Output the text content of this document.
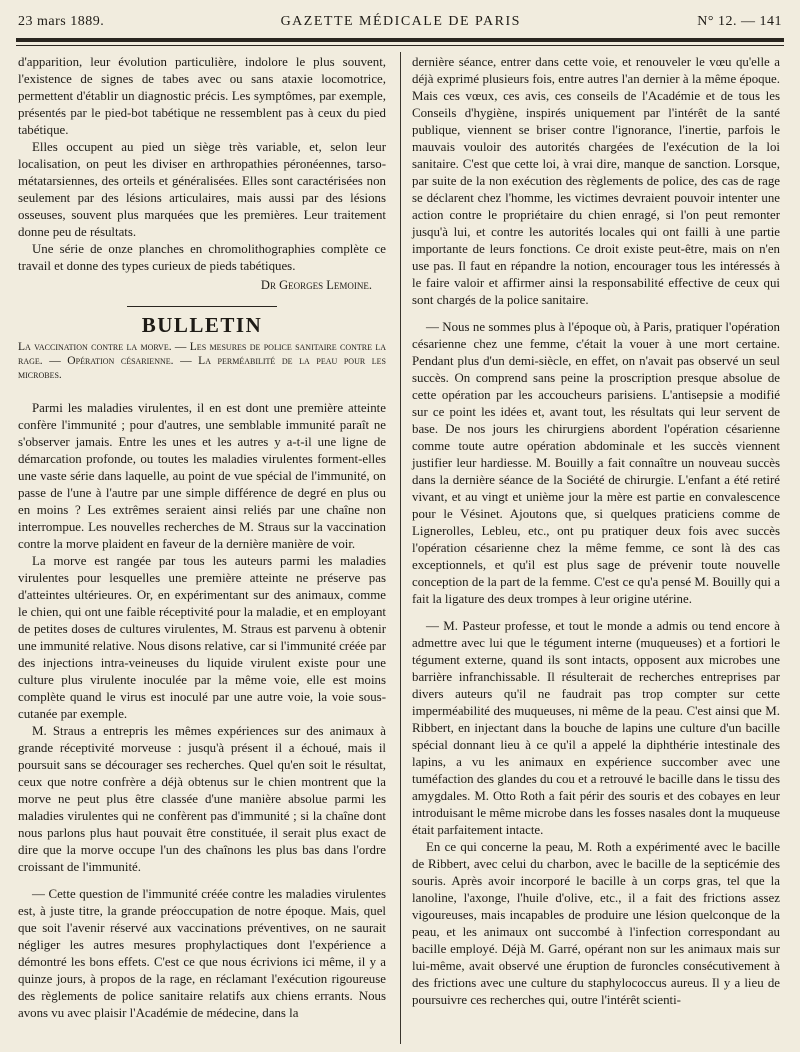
23 mars 1889.	GAZETTE MÉDICALE DE PARIS	N° 12. — 141

d'apparition, leur évolution particulière, indolore le plus souvent, l'existence de signes de tabes avec ou sans ataxie locomotrice, permettent d'établir un diagnostic précis. Les symptômes, par exemple, présentés par le pied-bot tabétique ne ressemblent pas à ceux du pied tabétique.

Elles occupent au pied un siège très variable, et, selon leur localisation, on peut les diviser en arthropathies péronéennes, tarso-métatarsiennes, des orteils et généralisées. Elles sont caractérisées non seulement par des lésions articulaires, mais aussi par des lésions osseuses, souvent plus marquées que les premières. Leur traitement donne peu de résultats.

Une série de onze planches en chromolithographies complète ce travail et donne des types curieux de pieds tabétiques.

Dr Georges Lemoine.
BULLETIN

La vaccination contre la morve. — Les mesures de police sanitaire contre la rage. — Opération césarienne. — La perméabilité de la peau pour les microbes.

Parmi les maladies virulentes, il en est dont une première atteinte confère l'immunité ; pour d'autres, une semblable immunité paraît ne s'observer jamais. Entre les unes et les autres y a-t-il une ligne de démarcation profonde, ou toutes les maladies virulentes forment-elles une vaste série dans laquelle, au point de vue spécial de l'immunité, on passe de l'une à l'autre par une simple différence de degré en plus ou en moins ? Les extrêmes seraient ainsi reliés par une chaîne non interrompue. Les nouvelles recherches de M. Straus sur la vaccination contre la morve plaident en faveur de la dernière manière de voir.

La morve est rangée par tous les auteurs parmi les maladies virulentes pour lesquelles une première atteinte ne préserve pas d'atteintes ultérieures. Or, en expérimentant sur des animaux, comme le chien, qui ont une faible réceptivité pour la maladie, et en employant de petites doses de cultures virulentes, M. Straus est parvenu à obtenir une immunité relative. Nous disons relative, car si l'immunité créée par des injections intra-veineuses du liquide virulent existe pour une culture plus virulente inoculée par la même voie, elle est moins complète quand le virus est inoculé par une autre voie, la voie sous-cutanée par exemple.

M. Straus a entrepris les mêmes expériences sur des animaux à grande réceptivité morveuse : jusqu'à présent il a échoué, mais il poursuit sans se décourager ses recherches. Quel qu'en soit le résultat, ceux que notre confrère a déjà obtenus sur le chien montrent que la morve ne peut plus être classée d'une manière absolue parmi les maladies virulentes qui ne confèrent pas d'immunité ; si la chaîne dont nous parlons plus haut pouvait être constituée, il serait plus exact de dire que la morve occupe l'un des chaînons les plus bas dans l'ordre croissant de l'immunité.

— Cette question de l'immunité créée contre les maladies virulentes est, à juste titre, la grande préoccupation de notre époque. Mais, quel que soit l'avenir réservé aux vaccinations préventives, on ne saurait négliger les autres mesures prophylactiques dont l'expérience a démontré les bons effets. C'est ce que nous écrivions ici même, il y a quinze jours, à propos de la rage, en réclamant l'exécution rigoureuse des règlements de police sanitaire relatifs aux chiens errants. Nous avons vu avec plaisir l'Académie de médecine, dans la

dernière séance, entrer dans cette voie, et renouveler le vœu qu'elle a déjà exprimé plusieurs fois, entre autres l'an dernier à la même époque. Mais ces vœux, ces avis, ces conseils de l'Académie et de tous les Conseils d'hygiène, inspirés uniquement par l'intérêt de la santé publique, viennent se briser contre l'ignorance, l'inertie, parfois le mauvais vouloir des autorités chargées de l'exécution de la loi sanitaire. C'est que cette loi, à vrai dire, manque de sanction. Lorsque, par suite de la non exécution des règlements de police, des cas de rage se déclarent chez l'homme, les victimes devraient pouvoir intenter une action contre le propriétaire du chien enragé, si l'on peut remonter jusqu'à lui, et contre les autorités locales qui ont failli à une partie importante de leurs fonctions. Ce droit existe peut-être, mais on n'en use pas. Il faut en répandre la notion, encourager tous les intéressés à le faire valoir et affirmer ainsi la responsabilité effective de ceux qui sont chargés de la police sanitaire.

— Nous ne sommes plus à l'époque où, à Paris, pratiquer l'opération césarienne chez une femme, c'était la vouer à une mort certaine. Pendant plus d'un demi-siècle, en effet, on n'avait pas observé un seul succès. On comprend sans peine la proscription presque absolue de cette opération par les accoucheurs parisiens. L'antisepsie a modifié sur ce point les idées et, avant tout, les résultats qui leur servent de base. De nos jours les chirurgiens abordent l'opération césarienne comme toute autre opération abdominale et les succès viennent justifier leur hardiesse. M. Bouilly a fait connaître un nouveau succès dans la dernière séance de la Société de chirurgie. L'enfant a été retiré vivant, et au vingt et unième jour la mère est partie en convalescence pour le Vésinet. Ajoutons que, si quelques praticiens comme de Lignerolles, Lebleu, etc., ont pu pratiquer deux fois avec succès l'opération césarienne chez la même femme, ce sont là des cas exceptionnels, et qu'il est plus sage de prévenir toute nouvelle conception de la part de la femme. C'est ce qu'a pensé M. Bouilly qui a fait la ligature des deux trompes à leur origine utérine.

— M. Pasteur professe, et tout le monde a admis ou tend encore à admettre avec lui que le tégument interne (muqueuses) et a fortiori le tégument externe, quand ils sont intacts, opposent aux microbes une barrière infranchissable. Il résulterait de recherches entreprises par divers auteurs qu'il ne faudrait pas trop compter sur cette imperméabilité des muqueuses, ni même de la peau. C'est ainsi que M. Ribbert, en injectant dans la bouche de lapins une culture d'un bacille spécial donnant lieu à ce qu'il a appelé la diphthérie intestinale des lapins, a vu les animaux en expérience succomber avec une tuméfaction des glandes du cou et a retrouvé le bacille dans le tissu des amygdales. M. Otto Roth a fait périr des souris et des cobayes en leur introduisant le même microbe dans les fosses nasales dont la muqueuse était parfaitement intacte.

En ce qui concerne la peau, M. Roth a expérimenté avec le bacille de Ribbert, avec celui du charbon, avec le bacille de la septicémie des souris. Après avoir incorporé le bacille à un corps gras, tel que la lanoline, l'axonge, l'huile d'olive, etc., il a fait des frictions assez vigoureuses, mais incapables de produire une lésion quelconque de la peau, et les animaux ont succombé à l'infection correspondant au bacille employé. Déjà M. Garré, opérant non sur les animaux mais sur lui-même, avait observé une éruption de furoncles consécutivement à des frictions avec une culture du staphylococcus aureus. Il y a lieu de poursuivre ces recherches qui, outre l'intérêt scienti-
